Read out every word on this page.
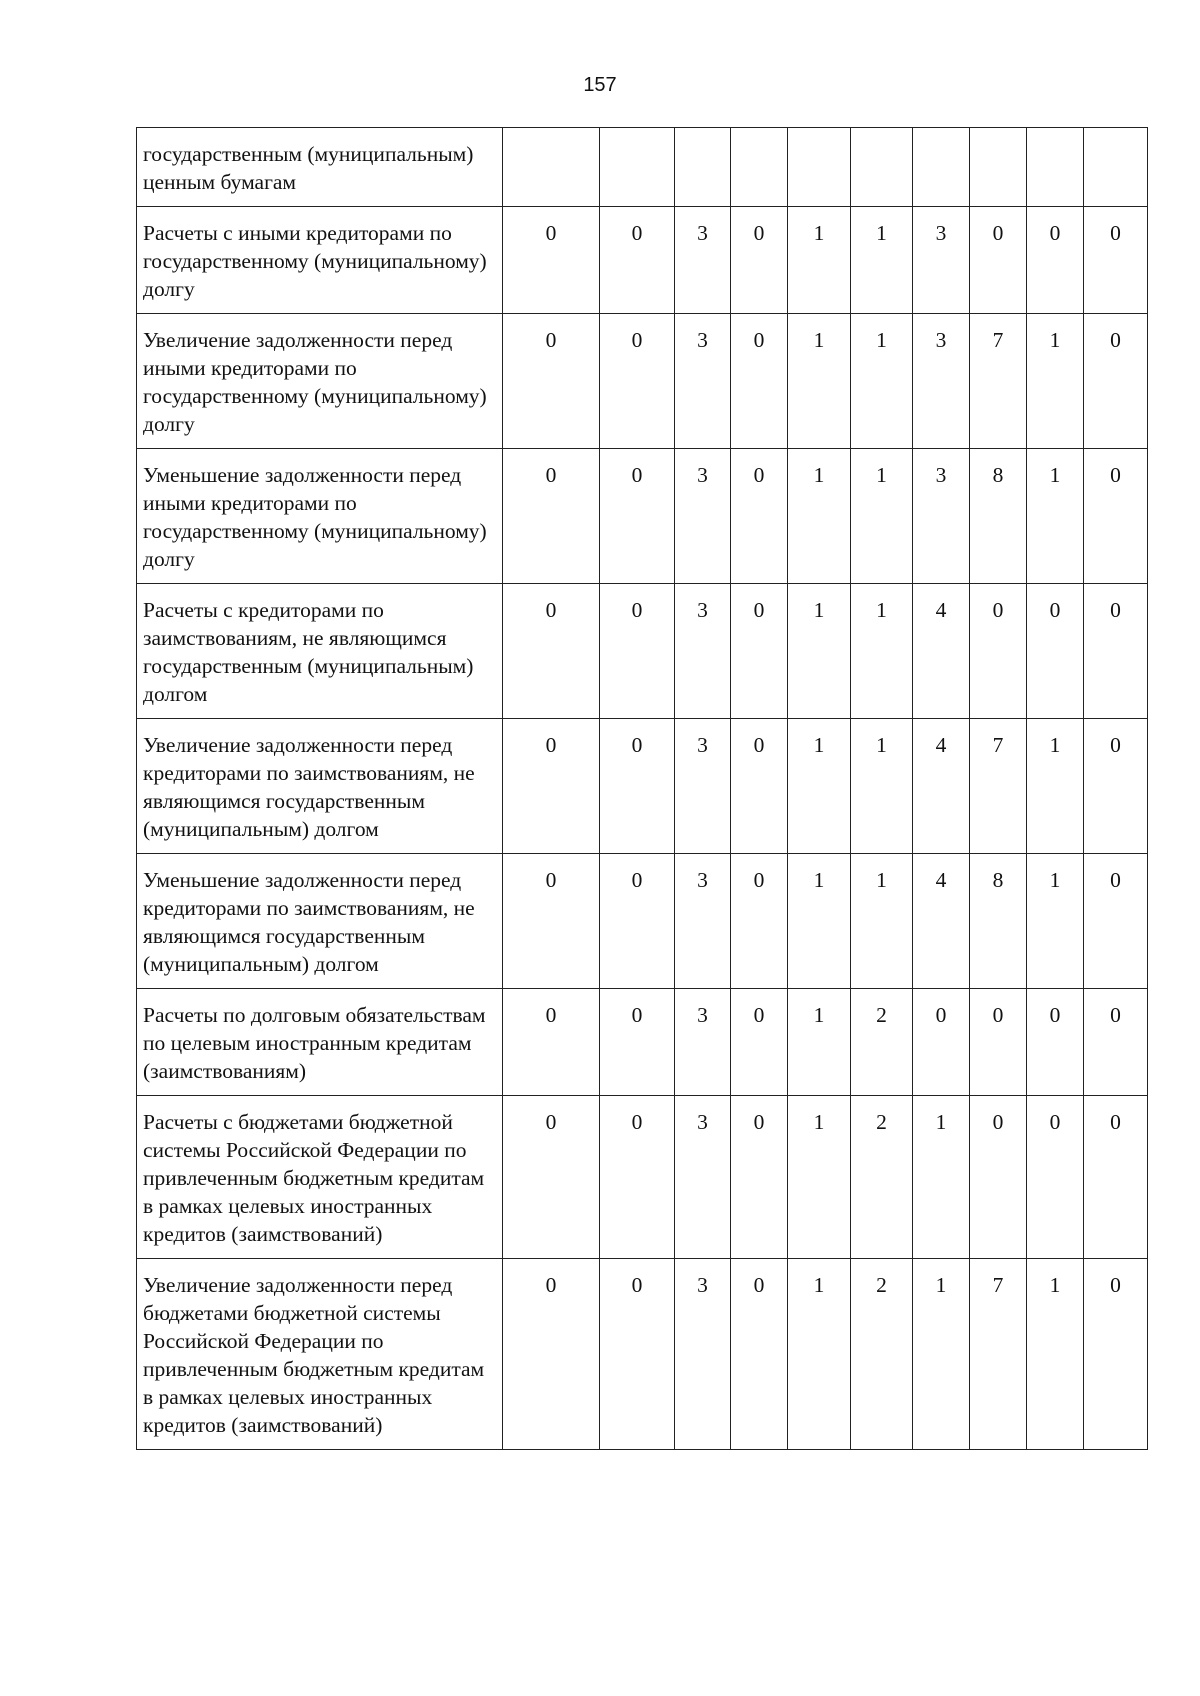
157
государственным (муниципальным) ценным бумагам										
Расчеты с иными кредиторами по государственному (муниципальному) долгу	0	0	3	0	1	1	3	0	0	0
Увеличение задолженности перед иными кредиторами по государственному (муниципальному) долгу	0	0	3	0	1	1	3	7	1	0
Уменьшение задолженности перед иными кредиторами по государственному (муниципальному) долгу	0	0	3	0	1	1	3	8	1	0
Расчеты с кредиторами по заимствованиям, не являющимся государственным (муниципальным) долгом	0	0	3	0	1	1	4	0	0	0
Увеличение задолженности перед кредиторами по заимствованиям, не являющимся государственным (муниципальным) долгом	0	0	3	0	1	1	4	7	1	0
Уменьшение задолженности перед кредиторами по заимствованиям, не являющимся государственным (муниципальным) долгом	0	0	3	0	1	1	4	8	1	0
Расчеты по долговым обязательствам по целевым иностранным кредитам (заимствованиям)	0	0	3	0	1	2	0	0	0	0
Расчеты с бюджетами бюджетной системы Российской Федерации по привлеченным бюджетным кредитам в рамках целевых иностранных кредитов (заимствований)	0	0	3	0	1	2	1	0	0	0
Увеличение задолженности перед бюджетами бюджетной системы Российской Федерации по привлеченным бюджетным кредитам в рамках целевых иностранных кредитов (заимствований)	0	0	3	0	1	2	1	7	1	0
